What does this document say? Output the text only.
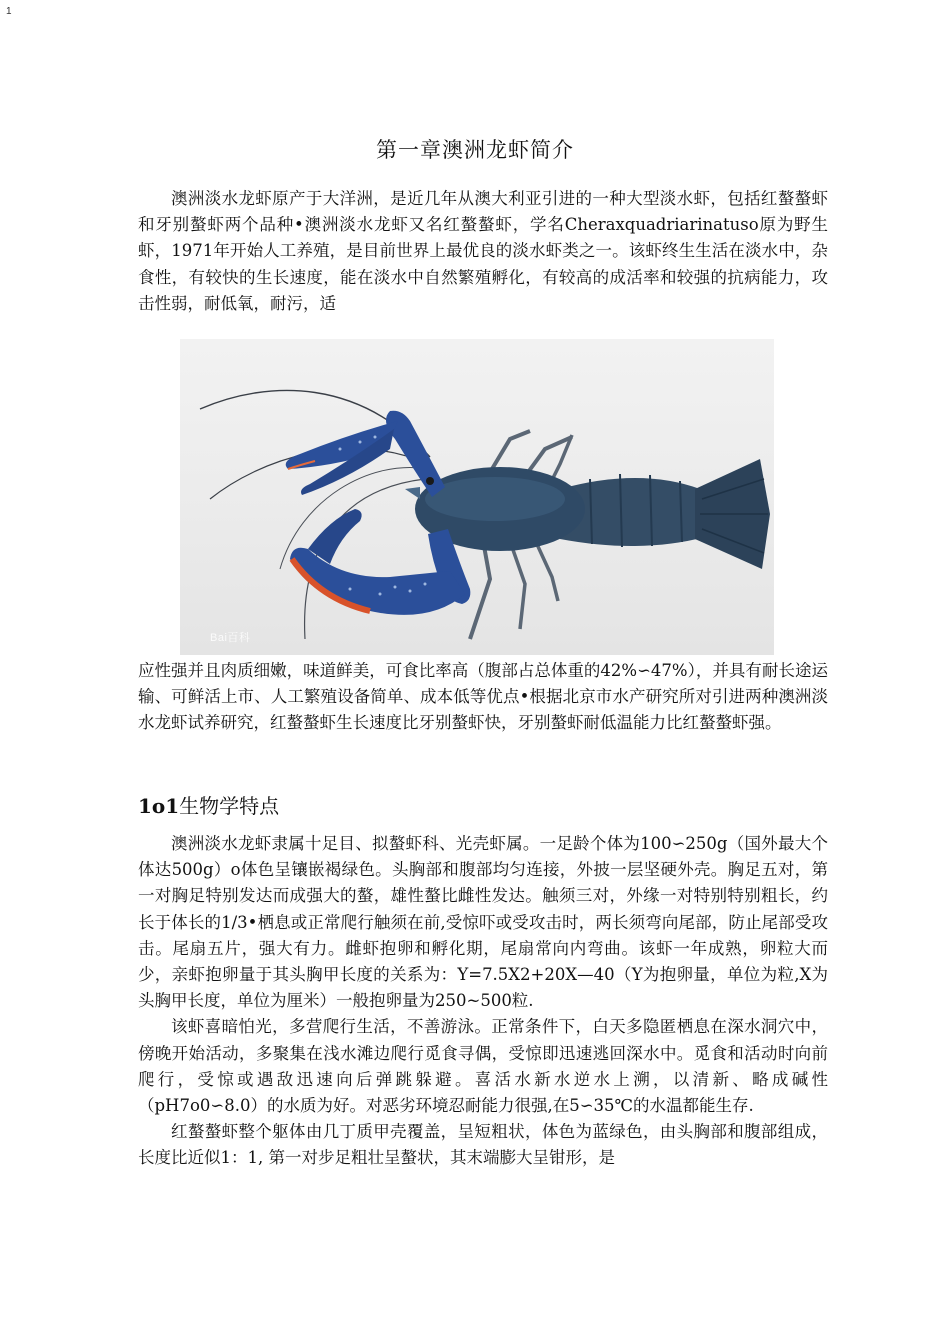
1
第一章澳洲龙虾简介

澳洲淡水龙虾原产于大洋洲，是近几年从澳大利亚引进的一种大型淡水虾，包括红螯螯虾和牙别螯虾两个品种•澳洲淡水龙虾又名红螯螯虾，学名Cheraxquadriarinatuso原为野生虾，1971年开始人工养殖，是目前世界上最优良的淡水虾类之一。该虾终生生活在淡水中，杂食性，有较快的生长速度，能在淡水中自然繁殖孵化，有较高的成活率和较强的抗病能力，攻击性弱，耐低氧，耐污，适

Bai百科

应性强并且肉质细嫩，味道鲜美，可食比率高（腹部占总体重的42%∽47%），并具有耐长途运输、可鲜活上市、人工繁殖设备简单、成本低等优点•根据北京市水产研究所对引进两种澳洲淡水龙虾试养研究，红螯螯虾生长速度比牙别螯虾快，牙别螯虾耐低温能力比红螯螯虾强。

1o1生物学特点

澳洲淡水龙虾隶属十足目、拟螯虾科、光壳虾属。一足龄个体为100∽250g（国外最大个体达500g）o体色呈镶嵌褐绿色。头胸部和腹部均匀连接，外披一层坚硬外壳。胸足五对，第一对胸足特别发达而成强大的螯，雄性螯比雌性发达。触须三对，外缘一对特别特别粗长，约长于体长的1/3•栖息或正常爬行触须在前,受惊吓或受攻击时，两长须弯向尾部，防止尾部受攻击。尾扇五片，强大有力。雌虾抱卵和孵化期，尾扇常向内弯曲。该虾一年成熟，卵粒大而少，亲虾抱卵量于其头胸甲长度的关系为：Y=7.5X2+20X—40（Y为抱卵量，单位为粒,X为头胸甲长度，单位为厘米）一般抱卵量为250~500粒.

该虾喜暗怕光，多营爬行生活，不善游泳。正常条件下，白天多隐匿栖息在深水洞穴中，傍晚开始活动，多聚集在浅水滩边爬行觅食寻偶，受惊即迅速逃回深水中。觅食和活动时向前爬行，受惊或遇敌迅速向后弹跳躲避。喜活水新水逆水上溯，以清新、略成碱性（pH7o0∽8.0）的水质为好。对恶劣环境忍耐能力很强,在5∽35℃的水温都能生存.

红螯螯虾整个躯体由几丁质甲壳覆盖，呈短粗状，体色为蓝绿色，由头胸部和腹部组成，长度比近似1：1, 第一对步足粗壮呈螯状，其末端膨大呈钳形，是
